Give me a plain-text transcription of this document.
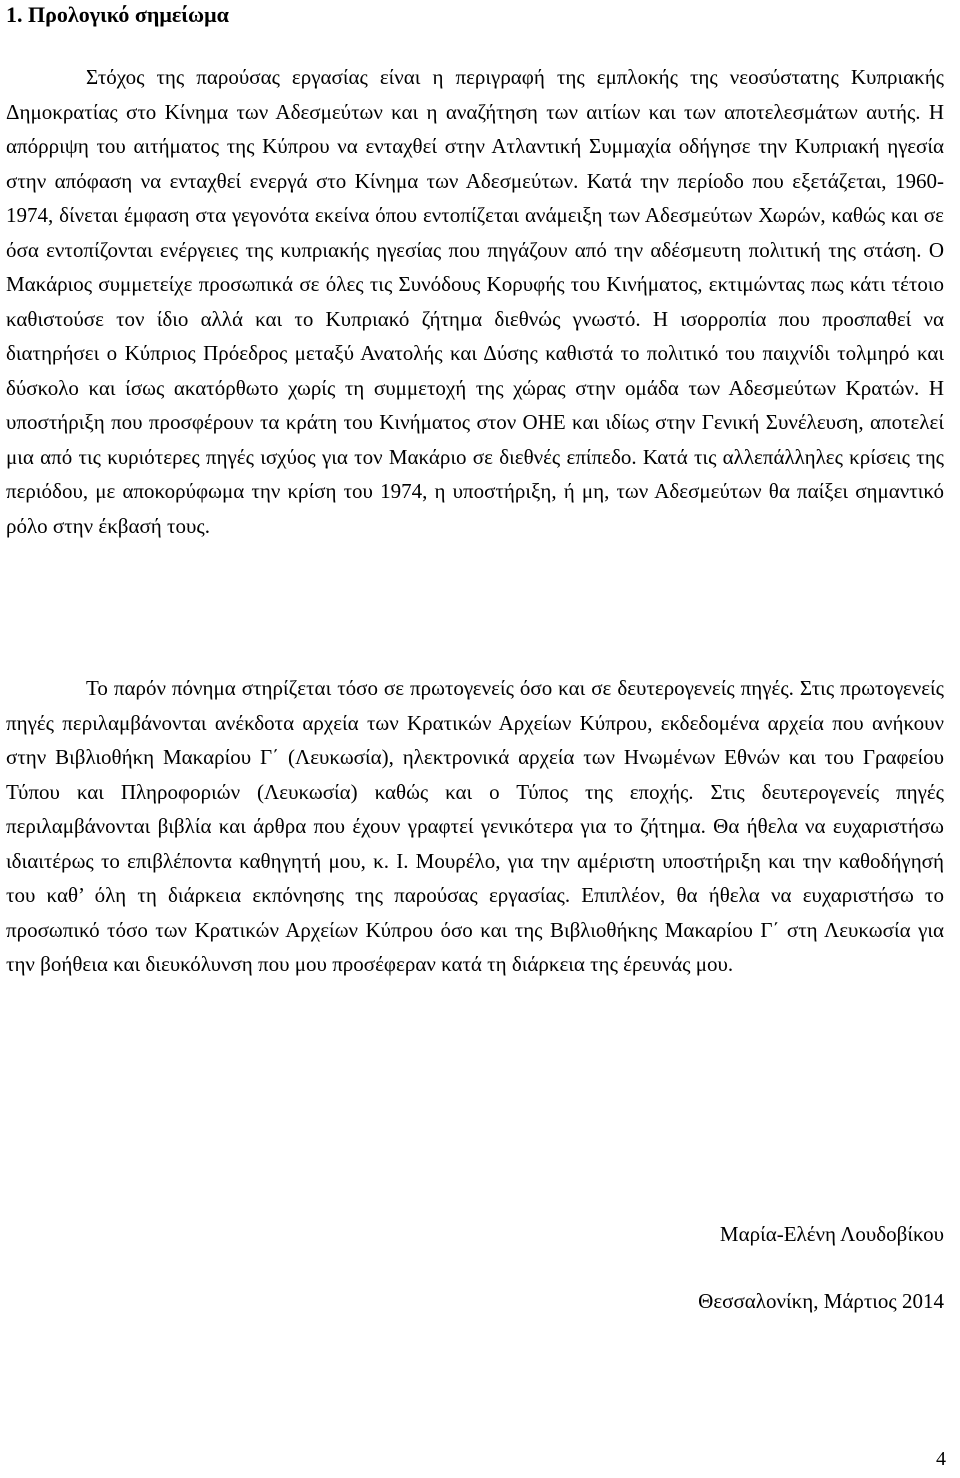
1. Προλογικό σημείωμα

Στόχος της παρούσας εργασίας είναι η περιγραφή της εμπλοκής της νεοσύστατης Κυπριακής Δημοκρατίας στο Κίνημα των Αδεσμεύτων και η αναζήτηση των αιτίων και των αποτελεσμάτων αυτής. Η απόρριψη του αιτήματος της Κύπρου να ενταχθεί στην Ατλαντική Συμμαχία οδήγησε την Κυπριακή ηγεσία στην απόφαση να ενταχθεί ενεργά στο Κίνημα των Αδεσμεύτων. Κατά την περίοδο που εξετάζεται, 1960-1974, δίνεται έμφαση στα γεγονότα εκείνα όπου εντοπίζεται ανάμειξη των Αδεσμεύτων Χωρών, καθώς και σε όσα εντοπίζονται ενέργειες της κυπριακής ηγεσίας που πηγάζουν από την αδέσμευτη πολιτική της στάση. Ο Μακάριος συμμετείχε προσωπικά σε όλες τις Συνόδους Κορυφής του Κινήματος, εκτιμώντας πως κάτι τέτοιο καθιστούσε τον ίδιο αλλά και το Κυπριακό ζήτημα διεθνώς γνωστό. Η ισορροπία που προσπαθεί να διατηρήσει ο Κύπριος Πρόεδρος μεταξύ Ανατολής και Δύσης καθιστά το πολιτικό του παιχνίδι τολμηρό και δύσκολο και ίσως ακατόρθωτο χωρίς τη συμμετοχή της χώρας στην ομάδα των Αδεσμεύτων Κρατών. Η υποστήριξη που προσφέρουν τα κράτη του Κινήματος στον ΟΗΕ και ιδίως στην Γενική Συνέλευση, αποτελεί μια από τις κυριότερες πηγές ισχύος για τον Μακάριο σε διεθνές επίπεδο. Κατά τις αλλεπάλληλες κρίσεις της περιόδου, με αποκορύφωμα την κρίση του 1974, η υποστήριξη, ή μη, των Αδεσμεύτων θα παίξει σημαντικό ρόλο στην έκβασή τους.

Το παρόν πόνημα στηρίζεται τόσο σε πρωτογενείς όσο και σε δευτερογενείς πηγές. Στις πρωτογενείς πηγές περιλαμβάνονται ανέκδοτα αρχεία των Κρατικών Αρχείων Κύπρου, εκδεδομένα αρχεία που ανήκουν στην Βιβλιοθήκη Μακαρίου Γ΄ (Λευκωσία), ηλεκτρονικά αρχεία των Ηνωμένων Εθνών και του Γραφείου Τύπου και Πληροφοριών (Λευκωσία) καθώς και ο Τύπος της εποχής. Στις δευτερογενείς πηγές περιλαμβάνονται βιβλία και άρθρα που έχουν γραφτεί γενικότερα για το ζήτημα. Θα ήθελα να ευχαριστήσω ιδιαιτέρως το επιβλέποντα καθηγητή μου, κ. Ι. Μουρέλο, για την αμέριστη υποστήριξη και την καθοδήγησή του καθ’ όλη τη διάρκεια εκπόνησης της παρούσας εργασίας. Επιπλέον, θα ήθελα να ευχαριστήσω το προσωπικό τόσο των Κρατικών Αρχείων Κύπρου όσο και της Βιβλιοθήκης Μακαρίου Γ΄ στη Λευκωσία για την βοήθεια και διευκόλυνση που μου προσέφεραν κατά τη διάρκεια της έρευνάς μου.

Μαρία-Ελένη Λουδοβίκου

Θεσσαλονίκη, Μάρτιος 2014

4
